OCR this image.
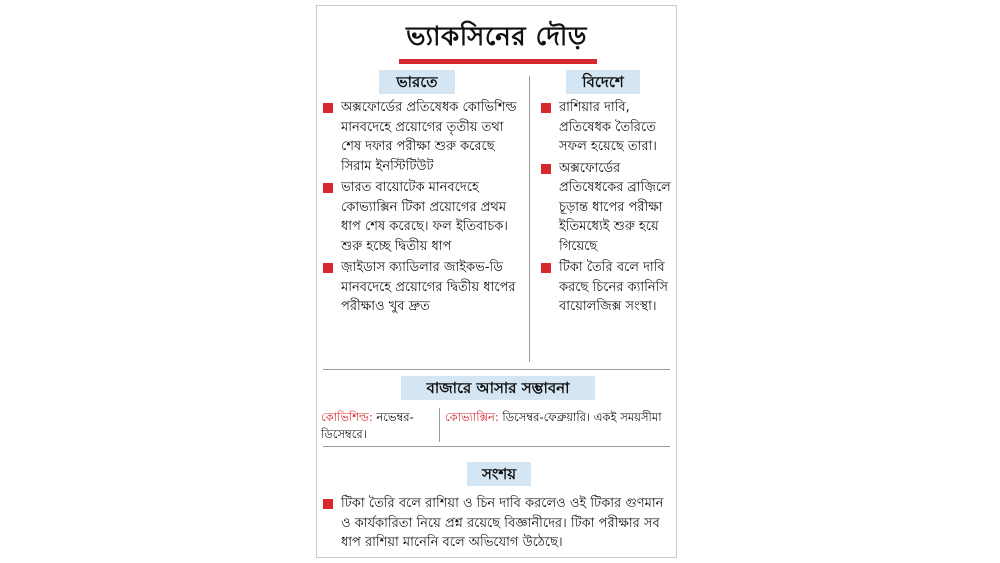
ভ্যাকসিনের দৌড়
ভারতে	বিদেশে
অক্সফোর্ডের প্রতিষেধক কোভিশিল্ড মানবদেহে প্রয়োগের তৃতীয় তথা শেষ দফার পরীক্ষা শুরু করেছে সিরাম ইনস্টিটিউট
ভারত বায়োটেক মানবদেহে কোভ্যাক্সিন টিকা প্রয়োগের প্রথম ধাপ শেষ করেছে। ফল ইতিবাচক। শুরু হচ্ছে দ্বিতীয় ধাপ
জ়াইডাস ক্যাডিলার জাইকভ-ডি মানবদেহে প্রয়োগের দ্বিতীয় ধাপের পরীক্ষাও খুব দ্রুত
রাশিয়ার দাবি, প্রতিষেধক তৈরিতে সফল হয়েছে তারা।
অক্সফোর্ডের প্রতিষেধকের ব্রাজ়িলে চূড়ান্ত ধাপের পরীক্ষা ইতিমধ্যেই শুরু হয়ে গিয়েছে
টিকা তৈরি বলে দাবি করছে চিনের ক্যানিসি বায়োলজিক্স সংস্থা।
বাজারে আসার সম্ভাবনা
কোভিশিল্ড: নভেম্বর-ডিসেম্বরে।
কোভ্যাক্সিন: ডিসেম্বর-ফেব্রুয়ারি। একই সময়সীমা
সংশয়
টিকা তৈরি বলে রাশিয়া ও চিন দাবি করলেও ওই টিকার গুণমান ও কার্যকারিতা নিয়ে প্রশ্ন রয়েছে বিজ্ঞানীদের। টিকা পরীক্ষার সব ধাপ রাশিয়া মানেনি বলে অভিযোগ উঠেছে।
